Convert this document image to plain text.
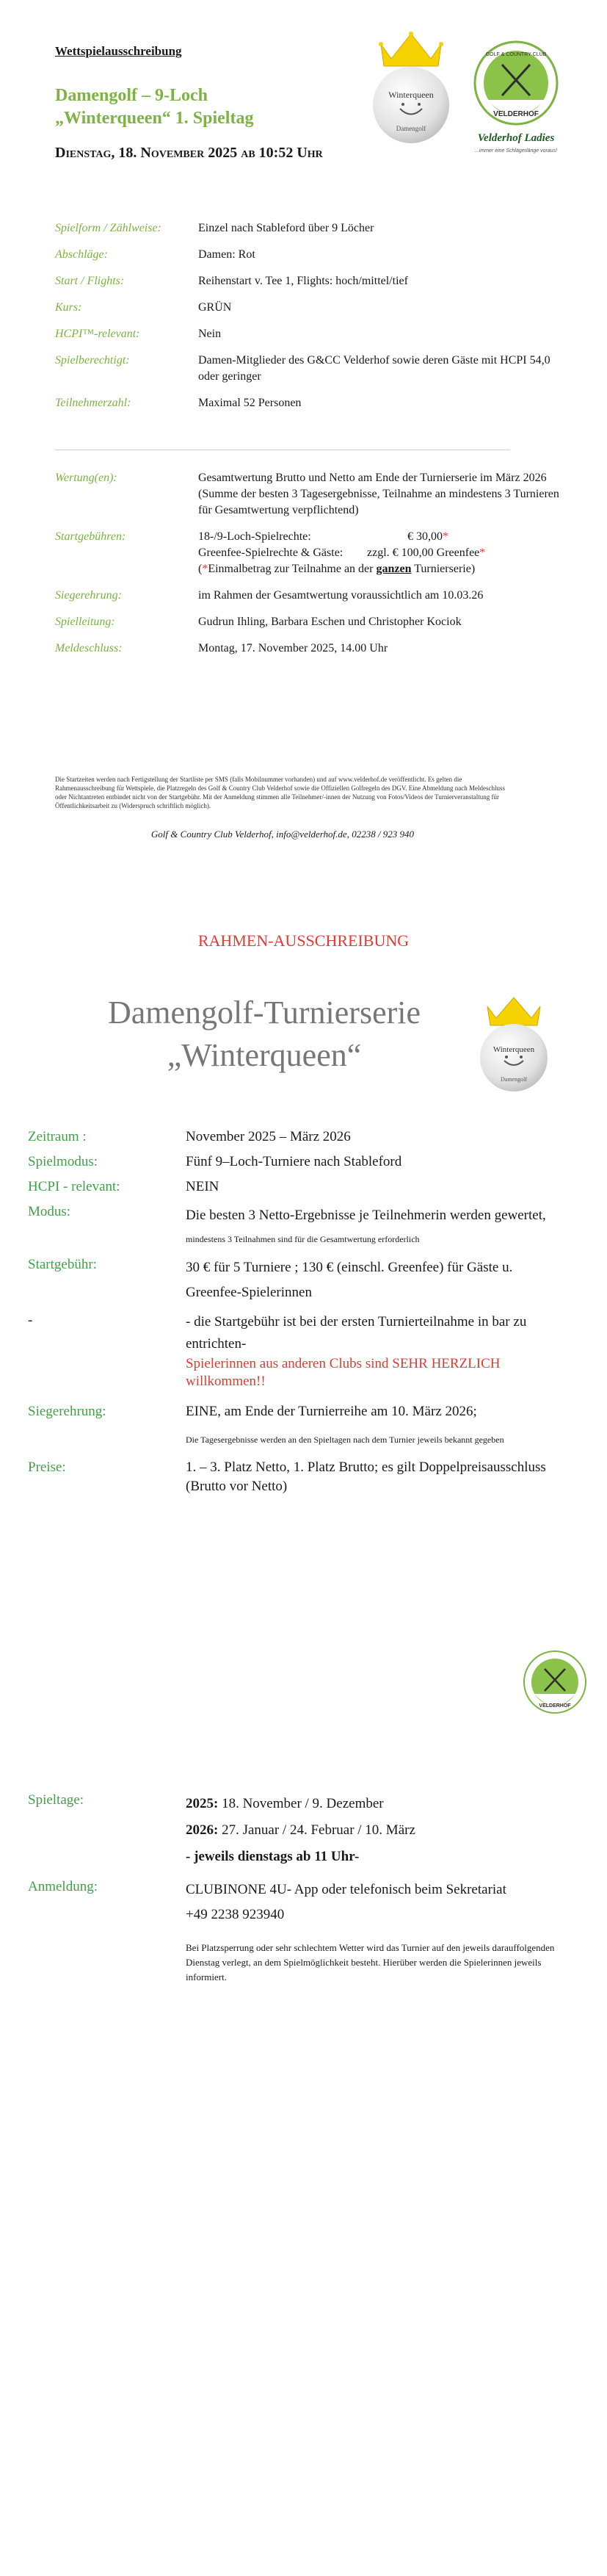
Wettspielausschreibung
Damengolf – 9-Loch
„Winterqueen“ 1. Spieltag
Dienstag, 18. November 2025 ab 10:52 Uhr
Winterqueen
Damengolf
VELDERHOF
GOLF & COUNTRY CLUB
Velderhof Ladies
...immer eine Schlägerlänge voraus!
Spielform / Zählweise:	Einzel nach Stableford über 9 Löcher
Abschläge:	Damen: Rot
Start / Flights:	Reihenstart v. Tee 1, Flights: hoch/mittel/tief
Kurs:	GRÜN
HCPI™-relevant:	Nein
Spielberechtigt:	Damen-Mitglieder des G&CC Velderhof sowie deren Gäste mit HCPI 54,0 oder geringer
Teilnehmerzahl:	Maximal 52 Personen
Wertung(en):	Gesamtwertung Brutto und Netto am Ende der Turnierserie im März 2026
(Summe der besten 3 Tagesergebnisse, Teilnahme an mindestens 3 Turnieren für Gesamtwertung verpflichtend)
Startgebühren:	18-/9-Loch-Spielrechte:	€ 30,00 *
Greenfee-Spielrechte & Gäste:	zzgl. € 100,00 Greenfee *
(*Einmalbetrag zur Teilnahme an der ganzen Turnierserie)
Siegerehrung:	im Rahmen der Gesamtwertung voraussichtlich am 10.03.26
Spielleitung:	Gudrun Ihling, Barbara Eschen und Christopher Kociok
Meldeschluss:	Montag, 17. November 2025, 14.00 Uhr
Die Startzeiten werden nach Fertigstellung der Startliste per SMS (falls Mobilnummer vorhanden) und auf www.velderhof.de veröffentlicht. Es gelten die Rahmenausschreibung für Wettspiele, die Platzregeln des Golf & Country Club Velderhof sowie die Offiziellen Golfregeln des DGV. Eine Abmeldung nach Meldeschluss oder Nichtantreten entbindet nicht von der Startgebühr. Mit der Anmeldung stimmen alle Teilnehmer/-innen der Nutzung von Fotos/Videos der Turnierveranstaltung für Öffentlichkeitsarbeit zu (Widerspruch schriftlich möglich).
Golf & Country Club Velderhof, info@velderhof.de, 02238 / 923 940
RAHMEN-AUSSCHREIBUNG
Damengolf-Turnierserie
„Winterqueen“	Winterqueen
Damengolf
Zeitraum :	November 2025 – März 2026
Spielmodus:	Fünf 9–Loch-Turniere nach Stableford
HCPI - relevant:	NEIN
Modus:	Die besten 3 Netto-Ergebnisse je Teilnehmerin werden gewertet,
mindestens 3 Teilnahmen sind für die Gesamtwertung erforderlich
Startgebühr:	30 € für 5 Turniere ; 130 € (einschl. Greenfee) für Gäste u. Greenfee-Spielerinnen
-	- die Startgebühr ist bei der ersten Turnierteilnahme in bar zu entrichten-
Spielerinnen aus anderen Clubs sind SEHR HERZLICH willkommen!!
Siegerehrung:	EINE, am Ende der Turnierreihe am 10. März 2026;
Die Tagesergebnisse werden an den Spieltagen nach dem Turnier jeweils bekannt gegeben
Preise:	1. – 3. Platz Netto, 1. Platz Brutto; es gilt Doppelpreisausschluss (Brutto vor Netto)
VELDERHOF
Spieltage:	2025: 18. November / 9. Dezember
2026: 27. Januar / 24. Februar / 10. März
- jeweils dienstags ab 11 Uhr-
Anmeldung:	CLUBINONE 4U- App oder telefonisch beim Sekretariat
+49 2238 923940
Bei Platzsperrung oder sehr schlechtem Wetter wird das Turnier auf den jeweils darauffolgenden Dienstag verlegt, an dem Spielmöglichkeit besteht. Hierüber werden die Spielerinnen jeweils informiert.
